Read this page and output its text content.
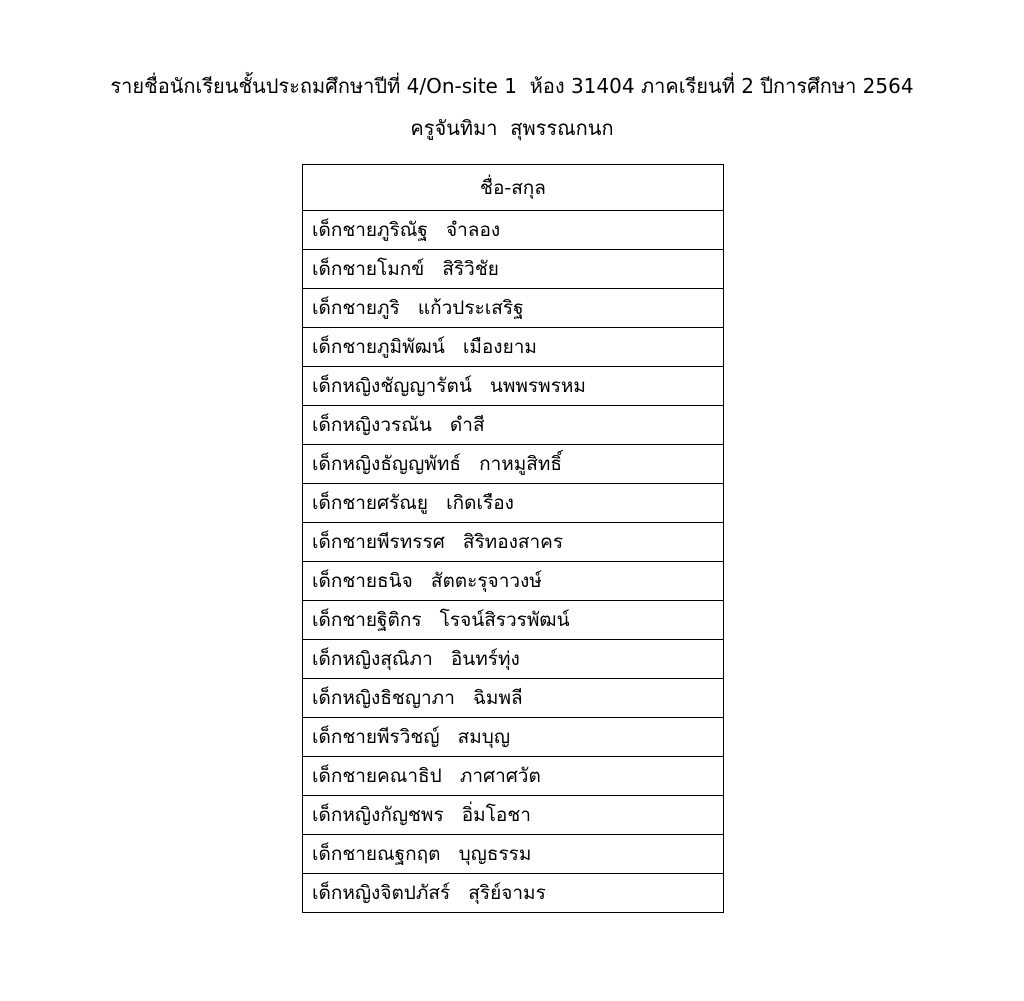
รายชื่อนักเรียนชั้นประถมศึกษาปีที่ 4/On-site 1  ห้อง 31404 ภาคเรียนที่ 2 ปีการศึกษา 2564
ครูจันทิมา  สุพรรณกนก
ชื่อ-สกุล
เด็กชายภูริณัฐ   จำลอง
เด็กชายโมกข์   สิริวิชัย
เด็กชายภูริ   แก้วประเสริฐ
เด็กชายภูมิพัฒน์   เมืองยาม
เด็กหญิงชัญญารัตน์   นพพรพรหม
เด็กหญิงวรณัน   ดำสี
เด็กหญิงธัญญพัทธ์   กาหมูสิทธิ์
เด็กชายศรัณยู   เกิดเรือง
เด็กชายพีรทรรศ   สิริทองสาคร
เด็กชายธนิจ   สัตตะรุจาวงษ์
เด็กชายฐิติกร   โรจน์สิรวรพัฒน์
เด็กหญิงสุณิภา   อินทร์ทุ่ง
เด็กหญิงธิชญาภา   ฉิมพลี
เด็กชายพีรวิชญ์   สมบุญ
เด็กชายคณาธิป   ภาศาศวัต
เด็กหญิงกัญชพร   อิ่มโอชา
เด็กชายณฐกฤต   บุญธรรม
เด็กหญิงจิตปภัสร์   สุริย์จามร
